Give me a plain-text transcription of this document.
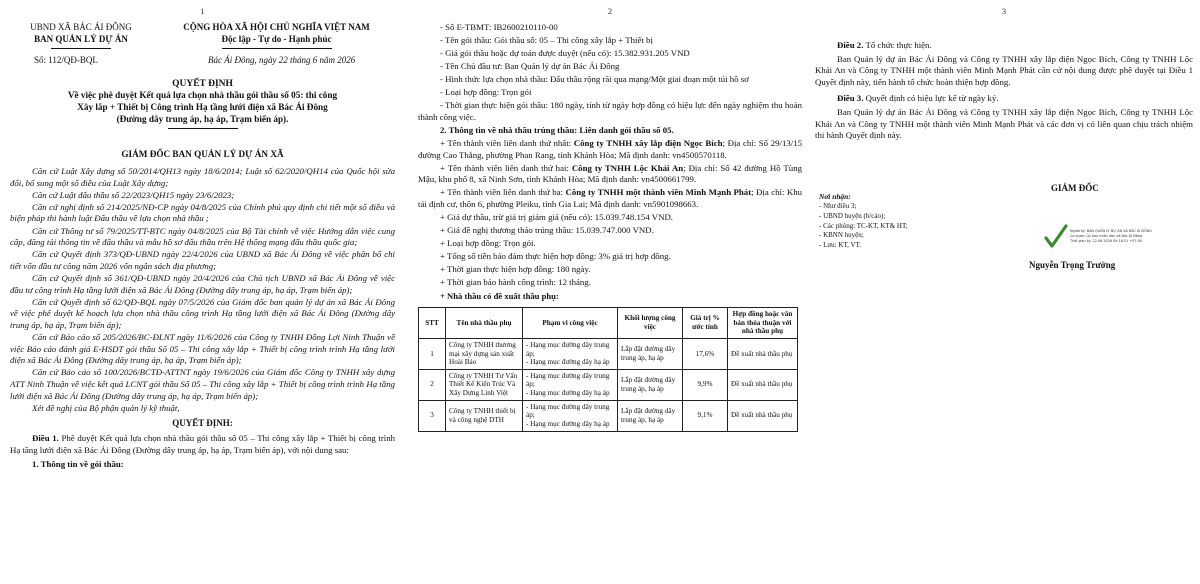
1
UBND XÃ BÁC ÁI ĐÔNG
BAN QUẢN LÝ DỰ ÁN
CỘNG HÒA XÃ HỘI CHỦ NGHĨA VIỆT NAM
Độc lập - Tự do - Hạnh phúc
Số: 112/QĐ-BQL	Bác Ái Đông, ngày 22 tháng 6 năm 2026
QUYẾT ĐỊNH
Về việc phê duyệt Kết quả lựa chọn nhà thầu gói thầu số 05: thi công
Xây lắp + Thiết bị Công trình Hạ tầng lưới điện xã Bác Ái Đông
(Đường dây trung áp, hạ áp, Trạm biến áp).
GIÁM ĐỐC BAN QUẢN LÝ DỰ ÁN XÃ

Căn cứ Luật Xây dựng số 50/2014/QH13 ngày 18/6/2014; Luật số 62/2020/QH14 của Quốc hội sửa đổi, bổ sung một số điều của Luật Xây dựng;

Căn cứ Luật đấu thầu số 22/2023/QH15 ngày 23/6/2023;

Căn cứ nghị định số 214/2025/NĐ-CP ngày 04/8/2025 của Chính phủ quy định chi tiết một số điều và biện pháp thi hành luật Đấu thầu về lựa chọn nhà thầu ;

Căn cứ Thông tư số 79/2025/TT-BTC ngày 04/8/2025 của Bộ Tài chính về việc Hướng dẫn việc cung cấp, đăng tải thông tin về đấu thầu và mẫu hồ sơ đấu thầu trên Hệ thống mạng đấu thầu quốc gia;

Căn cứ Quyết định 373/QĐ-UBND ngày 22/4/2026 của UBND xã Bác Ái Đông về việc phân bổ chi tiết vốn đầu tư công năm 2026 vốn ngân sách địa phương;

Căn cứ Quyết định số 361/QĐ-UBND ngày 20/4/2026 của Chủ tịch UBND xã Bác Ái Đông về việc đầu tư công trình Hạ tầng lưới điện xã Bác Ái Đông (Đường dây trung áp, hạ áp, Trạm biến áp);

Căn cứ Quyết định số 62/QĐ-BQL ngày 07/5/2026 của Giám đốc ban quản lý dự án xã Bác Ái Đông về việc phê duyệt kế hoạch lựa chọn nhà thầu công trình Hạ tầng lưới điện xã Bác Ái Đông (Đường dây trung áp, hạ áp, Trạm biến áp);

Căn cứ Báo cáo số 205/2026/BC-ĐLNT ngày 11/6/2026 của Công ty TNHH Đồng Lợi Ninh Thuận về việc Báo cáo đánh giá E-HSDT gói thầu Số 05 – Thi công xây lắp + Thiết bị công trình trình Hạ tầng lưới điện xã Bác Ái Đông (Đường dây trung áp, hạ áp, Trạm biến áp);

Căn cứ Báo cáo số 100/2026/BCTĐ-ATTNT ngày 19/6/2026 của Giám đốc Công ty TNHH xây dựng ATT Ninh Thuận về việc kết quả LCNT gói thầu Số 05 – Thi công xây lắp + Thiết bị công trình trình Hạ tầng lưới điện xã Bác Ái Đông (Đường dây trung áp, hạ áp, Trạm biến áp);

Xét đề nghị của Bộ phận quản lý kỹ thuật,

QUYẾT ĐỊNH:

Điều 1. Phê duyệt Kết quả lựa chọn nhà thầu gói thầu số 05 – Thi công xây lắp + Thiết bị công trình Hạ tầng lưới điện xã Bác Ái Đông (Đường dây trung áp, hạ áp, Trạm biến áp), với nội dung sau:

1. Thông tin về gói thầu:

2

- Số E-TBMT: IB2600210110-00

- Tên gói thầu: Gói thầu số: 05 – Thi công xây lắp + Thiết bị

- Giá gói thầu hoặc dự toán được duyệt (nếu có): 15.382.931.205 VND

- Tên Chủ đầu tư: Ban Quản lý dự án Bác Ái Đông

- Hình thức lựa chọn nhà thầu: Đấu thầu rộng rãi qua mạng/Một giai đoạn một túi hồ sơ

- Loại hợp đồng: Trọn gói

- Thời gian thực hiện gói thầu: 180 ngày, tính từ ngày hợp đồng có hiệu lực đến ngày nghiệm thu hoàn thành công việc.

2. Thông tin về nhà thầu trúng thầu: Liên danh gói thầu số 05.

+ Tên thành viên liên danh thứ nhất: Công ty TNHH xây lắp điện Ngọc Bích; Địa chỉ: Số 29/13/15 đường Cao Thắng, phường Phan Rang, tỉnh Khánh Hòa; Mã định danh: vn4500570118.

+ Tên thành viên liên danh thứ hai: Công ty TNHH Lộc Khải An; Địa chỉ: Số 42 đường Hồ Tùng Mậu, khu phố 8, xã Ninh Sơn, tỉnh Khánh Hòa; Mã định danh: vn4500661799.

+ Tên thành viên liên danh thứ ba: Công ty TNHH một thành viên Minh Mạnh Phát; Địa chỉ: Khu tái định cư, thôn 6, phường Pleiku, tỉnh Gia Lai; Mã định danh: vn5901098663.

+ Giá dự thầu, trừ giá trị giảm giá (nếu có): 15.039.748.154 VND.

+ Giá đề nghị thương thảo trúng thầu: 15.039.747.000 VND.

+ Loại hợp đồng: Trọn gói.

+ Tổng số tiền bảo đảm thực hiện hợp đồng: 3% giá trị hợp đồng.

+ Thời gian thực hiện hợp đồng: 180 ngày.

+ Thời gian bảo hành công trình: 12 tháng.

+ Nhà thầu có đề xuất thầu phụ:
STT	Tên nhà thầu phụ	Phạm vi công việc	Khối lượng công việc	Giá trị % ước tính	Hợp đồng hoặc văn bản thỏa thuận với nhà thầu phụ
1	Công ty TNHH thương mại xây dựng sản xuất Hoài Bảo	- Hạng mục đường dây trung áp;
- Hạng mục đường dây hạ áp	Lắp đặt đường dây trung áp, hạ áp	17,6%	Đề xuất nhà thầu phụ
2	Công ty TNHH Tư Vấn Thiết Kế Kiến Trúc Và Xây Dựng Linh Việt	- Hạng mục đường dây trung áp;
- Hạng mục đường dây hạ áp	Lắp đặt đường dây trung áp, hạ áp	9,9%	Đề xuất nhà thầu phụ
3	Công ty TNHH thiết bị và công nghệ DTH	- Hạng mục đường dây trung áp;
- Hạng mục đường dây hạ áp	Lắp đặt đường dây trung áp, hạ áp	9,1%	Đề xuất nhà thầu phụ
3

Điều 2. Tổ chức thực hiện.

Ban Quản lý dự án Bác Ái Đông và Công ty TNHH xây lắp điện Ngọc Bích, Công ty TNHH Lộc Khải An và Công ty TNHH một thành viên Minh Mạnh Phát căn cứ nội dung được phê duyệt tại Điều 1 Quyết định này, tiến hành tổ chức hoàn thiện hợp đồng.

Điều 3. Quyết định có hiệu lực kể từ ngày ký.

Ban Quản lý dự án Bác Ái Đông và Công ty TNHH xây lắp điện Ngọc Bích, Công ty TNHH Lộc Khải An và Công ty TNHH một thành viên Minh Mạnh Phát và các đơn vị có liên quan chịu trách nhiệm thi hành Quyết định này.

Nơi nhận:
- Như điều 3;
- UBND huyện (b/cáo);
- Các phòng: TC-KT, KT& HT;
- KBNN huyện;
- Lưu: KT, VT.
GIÁM ĐỐC
Người ký: BAN QUẢN LÝ DỰ ÁN XÃ BÁC ÁI ĐÔNG
Cơ quan: Ủy ban nhân dân xã Bác Ái Đông
Thời gian ký: 22.06.2026 09:16:21 +07:00
Nguyễn Trọng Trường
